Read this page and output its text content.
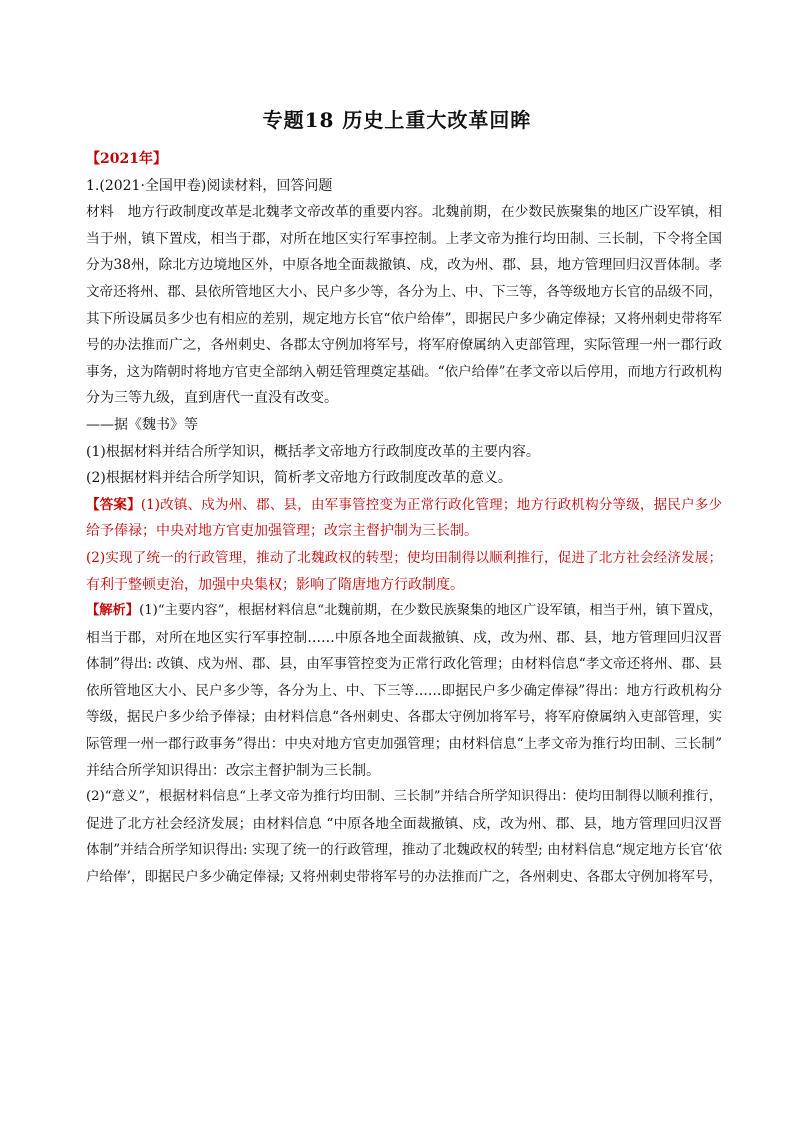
专题18 历史上重大改革回眸
【2021年】
1.(2021·全国甲卷)阅读材料，回答问题
材料　地方行政制度改革是北魏孝文帝改革的重要内容。北魏前期，在少数民族聚集的地区广设军镇，相
当于州，镇下置戍，相当于郡，对所在地区实行军事控制。上孝文帝为推行均田制、三长制，下令将全国
分为38州，除北方边境地区外，中原各地全面裁撤镇、戍，改为州、郡、县，地方管理回归汉晋体制。孝
文帝还将州、郡、县依所管地区大小、民户多少等，各分为上、中、下三等，各等级地方长官的品级不同，
其下所设属员多少也有相应的差别，规定地方长官“依户给俸”，即据民户多少确定俸禄；又将州刺史带将军
号的办法推而广之，各州刺史、各郡太守例加将军号，将军府僚属纳入吏部管理，实际管理一州一郡行政
事务，这为隋朝时将地方官吏全部纳入朝廷管理奠定基础。“依户给俸”在孝文帝以后停用，而地方行政机构
分为三等九级，直到唐代一直没有改变。
——据《魏书》等
(1)根据材料并结合所学知识，概括孝文帝地方行政制度改革的主要内容。
(2)根据材料并结合所学知识，简析孝文帝地方行政制度改革的意义。
【答案】(1)改镇、戍为州、郡、县，由军事管控变为正常行政化管理；地方行政机构分等级，据民户多少
给予俸禄；中央对地方官吏加强管理；改宗主督护制为三长制。
(2)实现了统一的行政管理，推动了北魏政权的转型；使均田制得以顺利推行，促进了北方社会经济发展；
有利于整顿吏治，加强中央集权；影响了隋唐地方行政制度。
【解析】(1)“主要内容”，根据材料信息“北魏前期，在少数民族聚集的地区广设军镇，相当于州，镇下置戍，
相当于郡，对所在地区实行军事控制……中原各地全面裁撤镇、戍，改为州、郡、县，地方管理回归汉晋
体制”得出: 改镇、戍为州、郡、县，由军事管控变为正常行政化管理；由材料信息“孝文帝还将州、郡、县
依所管地区大小、民户多少等，各分为上、中、下三等……即据民户多少确定俸禄”得出：地方行政机构分
等级，据民户多少给予俸禄；由材料信息“各州刺史、各郡太守例加将军号，将军府僚属纳入吏部管理，实
际管理一州一郡行政事务”得出：中央对地方官吏加强管理；由材料信息“上孝文帝为推行均田制、三长制”
并结合所学知识得出：改宗主督护制为三长制。
(2)“意义”，根据材料信息“上孝文帝为推行均田制、三长制”并结合所学知识得出：使均田制得以顺利推行，
促进了北方社会经济发展；由材料信息 “中原各地全面裁撤镇、戍，改为州、郡、县，地方管理回归汉晋
体制”并结合所学知识得出: 实现了统一的行政管理，推动了北魏政权的转型; 由材料信息“规定地方长官‘依
户给俸’，即据民户多少确定俸禄; 又将州刺史带将军号的办法推而广之，各州刺史、各郡太守例加将军号，
